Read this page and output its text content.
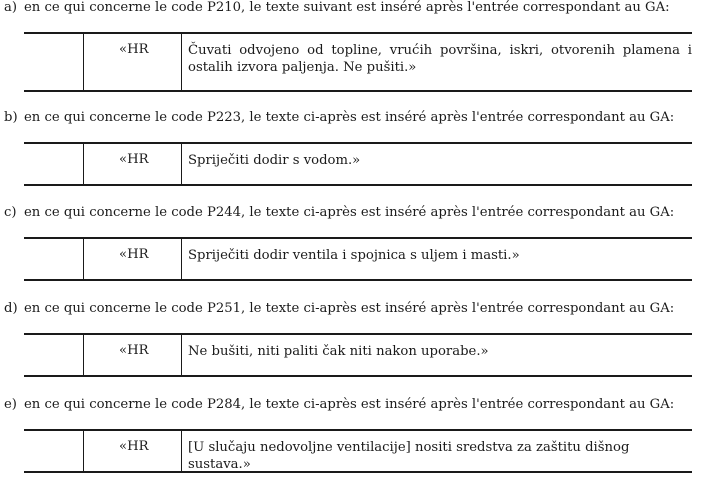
a) en ce qui concerne le code P210, le texte suivant est inséré après l'entrée correspondant au GA:
«HR	Čuvati odvojeno od topline, vrućih površina, iskri, otvorenih plamena i ostalih izvora paljenja. Ne pušiti.»
b) en ce qui concerne le code P223, le texte ci-après est inséré après l'entrée correspondant au GA:
«HR	Spriječiti dodir s vodom.»
c) en ce qui concerne le code P244, le texte ci-après est inséré après l'entrée correspondant au GA:
«HR	Spriječiti dodir ventila i spojnica s uljem i masti.»
d) en ce qui concerne le code P251, le texte ci-après est inséré après l'entrée correspondant au GA:
«HR	Ne bušiti, niti paliti čak niti nakon uporabe.»
e) en ce qui concerne le code P284, le texte ci-après est inséré après l'entrée correspondant au GA:
«HR	[U slučaju nedovoljne ventilacije] nositi sredstva za zaštitu dišnog sustava.»
